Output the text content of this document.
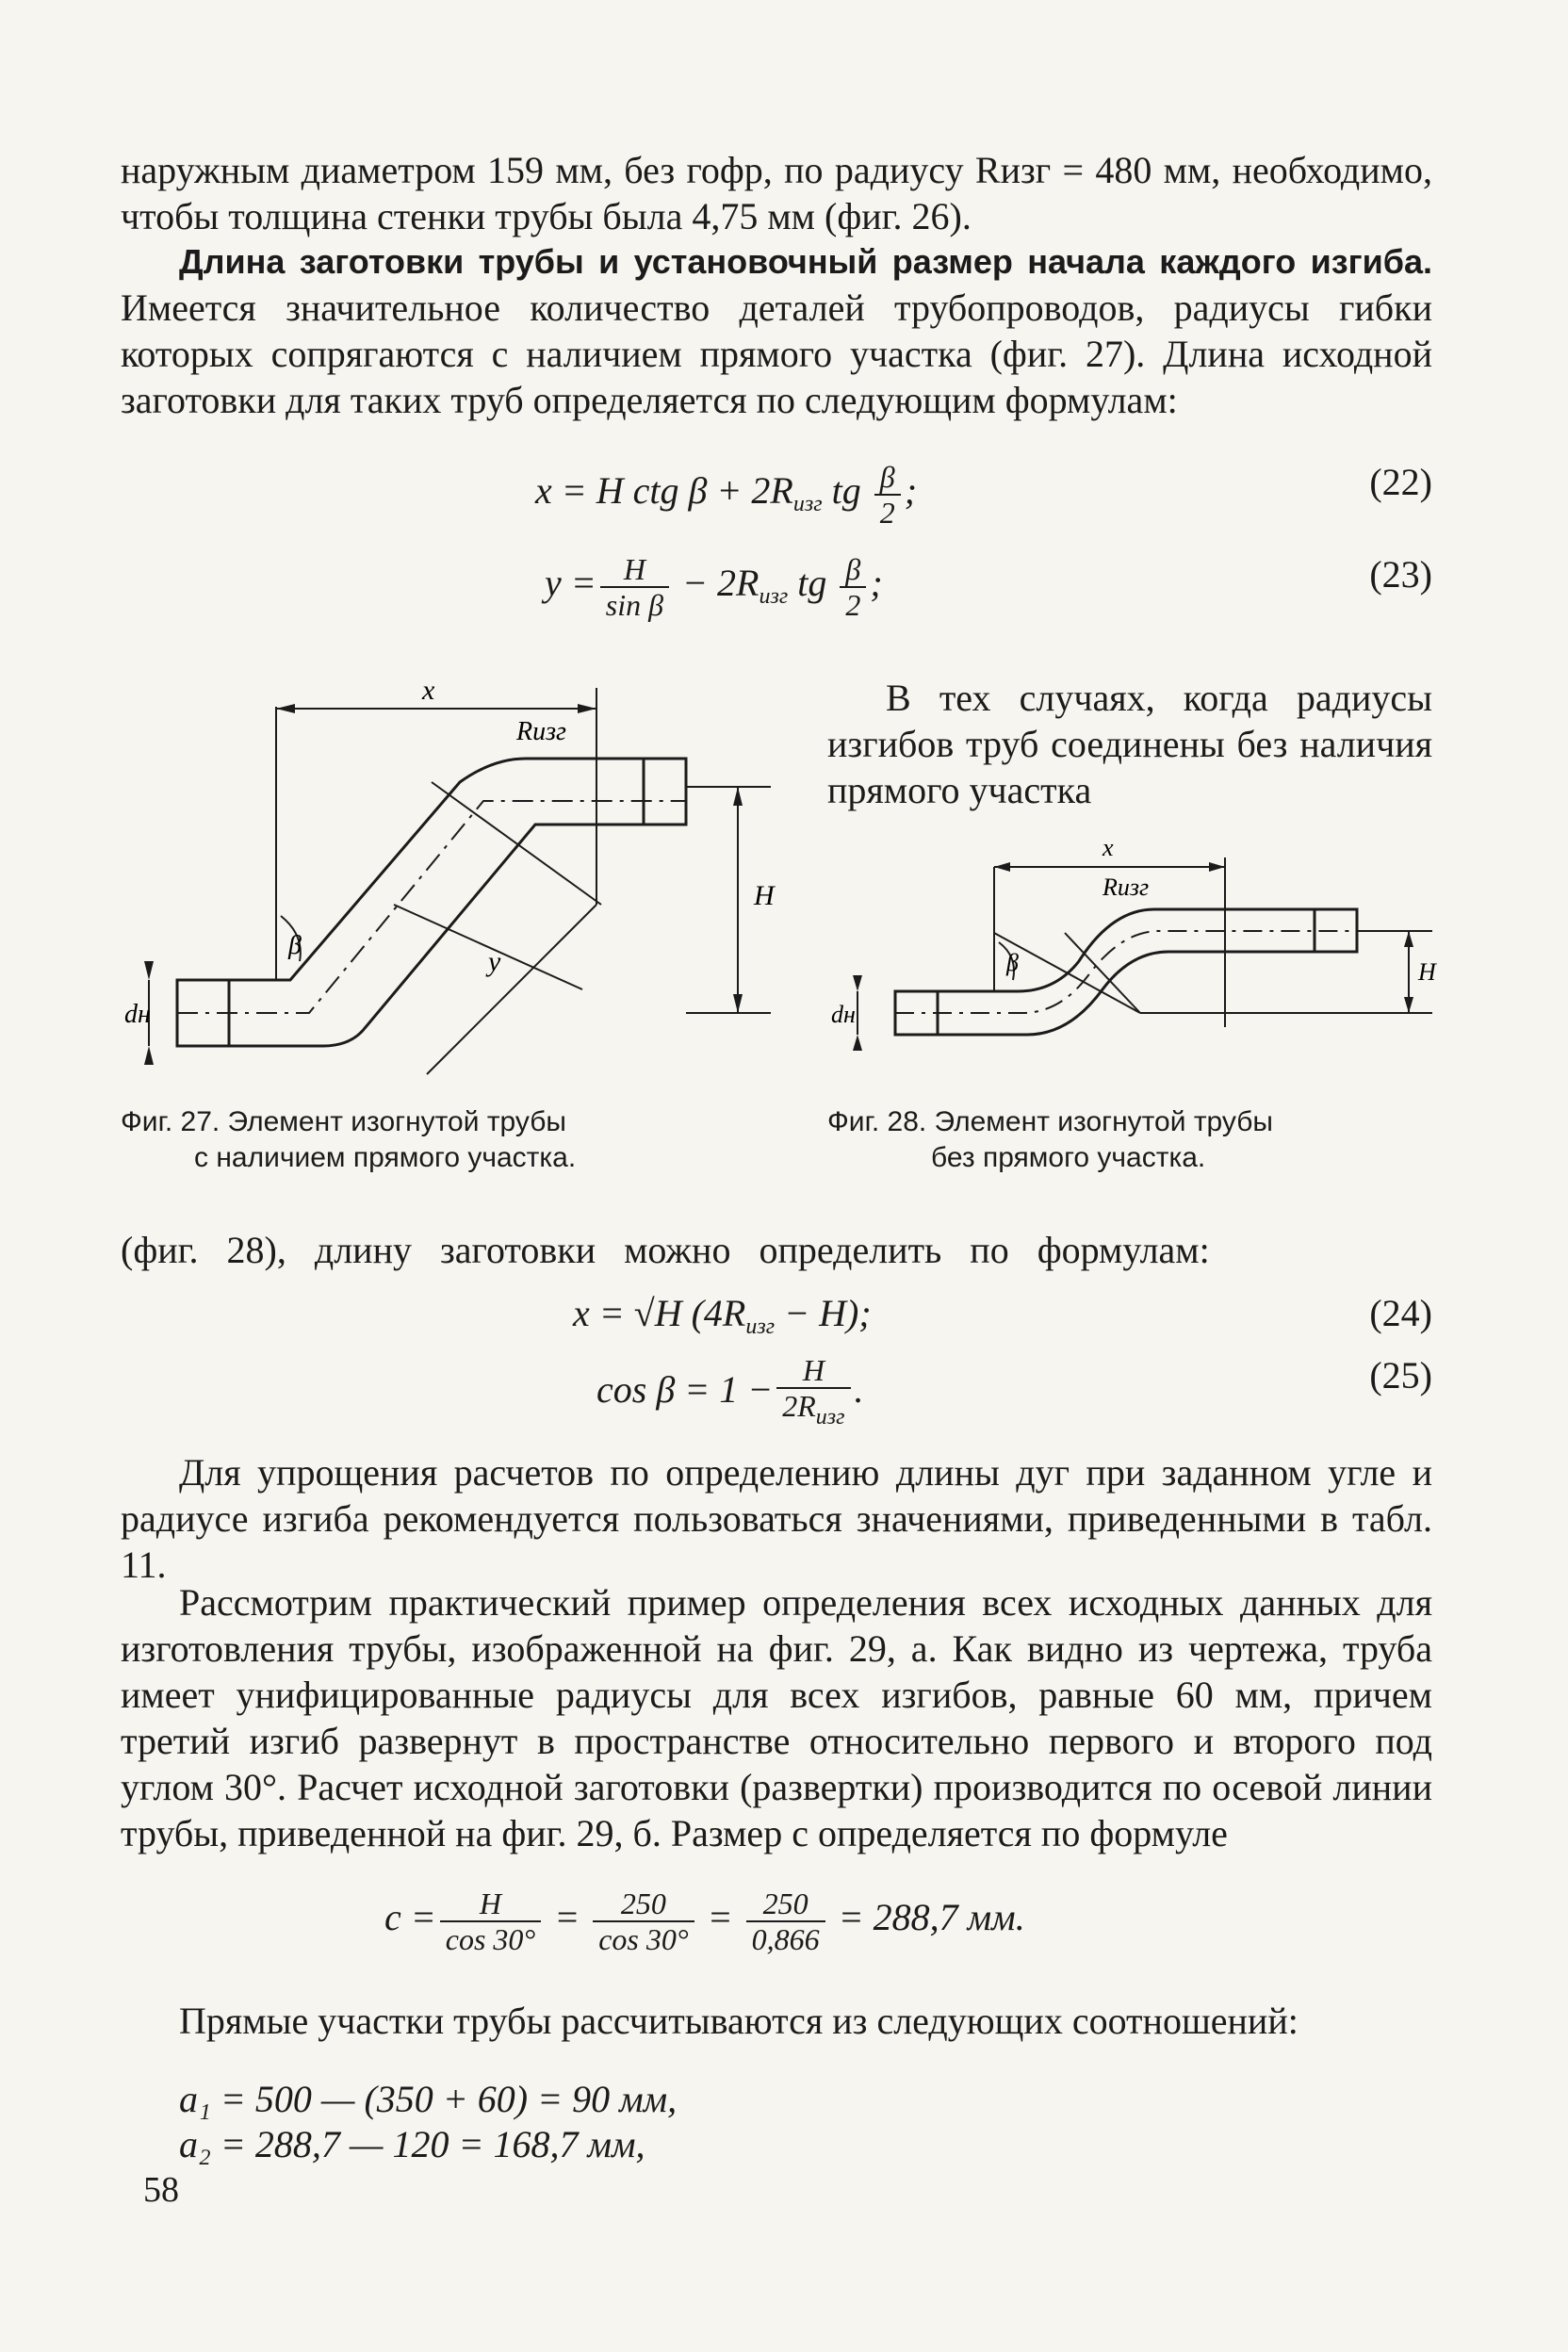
наружным диаметром 159 мм, без гофр, по радиусу Rизг = 480 мм, необходимо, чтобы толщина стенки трубы была 4,75 мм (фиг. 26).

Длина заготовки трубы и установочный размер начала каждого изгиба. Имеется значительное количество деталей трубопроводов, радиусы гибки которых сопрягаются с наличием прямого участка (фиг. 27). Длина исходной заготовки для таких труб определяется по следующим формулам:

x = H ctg $\beta + 2R_{изг}$ tg $\frac{\beta}{2}$ ;	(22)
$y = \frac{H}{\text{sin β}} - 2R_{изг}$ tg $\frac{\beta}{2}$ ;	(23)
x
Rизг
H
y
β
dн

В тех случаях, когда радиусы изгибов труб соединены без наличия прямого участка

x
Rизг
H
β
dн
Фиг. 27. Элемент изогнутой трубы
с наличием прямого участка.
Фиг. 28. Элемент изогнутой трубы
без прямого участка.

(фиг. 28), длину заготовки можно определить по формулам:

x = √H $(4R_{изг} - H)$;	(24)
$\cos \beta = 1 - \frac{H}{2R_{изг}}$ .	(25)

Для упрощения расчетов по определению длины дуг при заданном угле и радиусе изгиба рекомендуется пользоваться значениями, приведенными в табл. 11.

Рассмотрим практический пример определения всех исходных данных для изготовления трубы, изображенной на фиг. 29, а. Как видно из чертежа, труба имеет унифицированные радиусы для всех изгибов, равные 60 мм, причем третий изгиб развернут в пространстве относительно первого и второго под углом 30°. Расчет исходной заготовки (развертки) производится по осевой линии трубы, приведенной на фиг. 29, б. Размер с определяется по формуле

$c = \frac{H}{\cos 30^\circ} = \frac{250}{\cos 30^\circ} = \frac{250}{0,866} = 288,7$ мм.

Прямые участки трубы рассчитываются из следующих соотношений:

a₁ = 500 — (350 + 60) = 90 мм,
a₂ = 288,7 — 120 = 168,7 мм,
58
